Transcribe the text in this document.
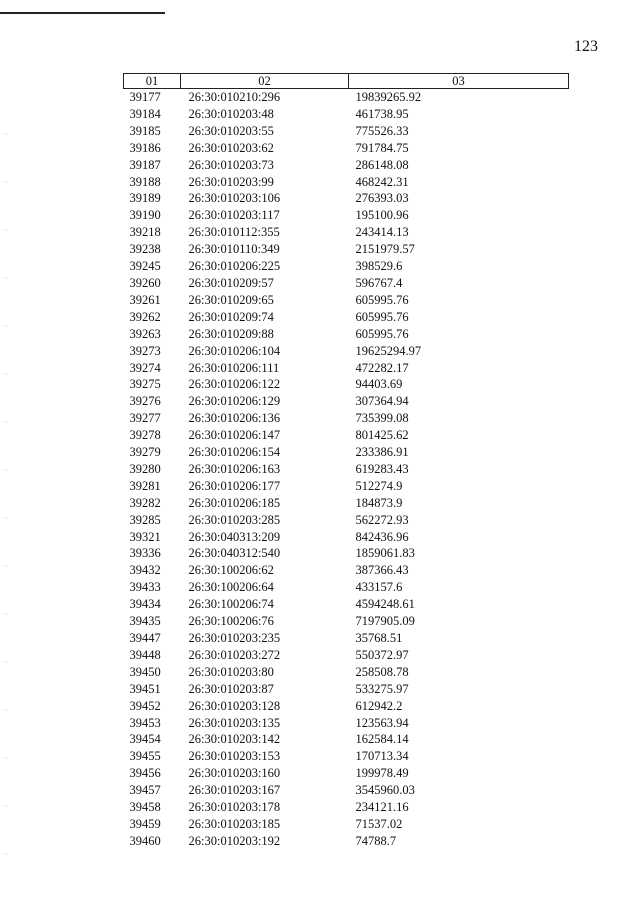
123
01	02	03
39177	26:30:010210:296	19839265.92
39184	26:30:010203:48	461738.95
39185	26:30:010203:55	775526.33
39186	26:30:010203:62	791784.75
39187	26:30:010203:73	286148.08
39188	26:30:010203:99	468242.31
39189	26:30:010203:106	276393.03
39190	26:30:010203:117	195100.96
39218	26:30:010112:355	243414.13
39238	26:30:010110:349	2151979.57
39245	26:30:010206:225	398529.6
39260	26:30:010209:57	596767.4
39261	26:30:010209:65	605995.76
39262	26:30:010209:74	605995.76
39263	26:30:010209:88	605995.76
39273	26:30:010206:104	19625294.97
39274	26:30:010206:111	472282.17
39275	26:30:010206:122	94403.69
39276	26:30:010206:129	307364.94
39277	26:30:010206:136	735399.08
39278	26:30:010206:147	801425.62
39279	26:30:010206:154	233386.91
39280	26:30:010206:163	619283.43
39281	26:30:010206:177	512274.9
39282	26:30:010206:185	184873.9
39285	26:30:010203:285	562272.93
39321	26:30:040313:209	842436.96
39336	26:30:040312:540	1859061.83
39432	26:30:100206:62	387366.43
39433	26:30:100206:64	433157.6
39434	26:30:100206:74	4594248.61
39435	26:30:100206:76	7197905.09
39447	26:30:010203:235	35768.51
39448	26:30:010203:272	550372.97
39450	26:30:010203:80	258508.78
39451	26:30:010203:87	533275.97
39452	26:30:010203:128	612942.2
39453	26:30:010203:135	123563.94
39454	26:30:010203:142	162584.14
39455	26:30:010203:153	170713.34
39456	26:30:010203:160	199978.49
39457	26:30:010203:167	3545960.03
39458	26:30:010203:178	234121.16
39459	26:30:010203:185	71537.02
39460	26:30:010203:192	74788.7
